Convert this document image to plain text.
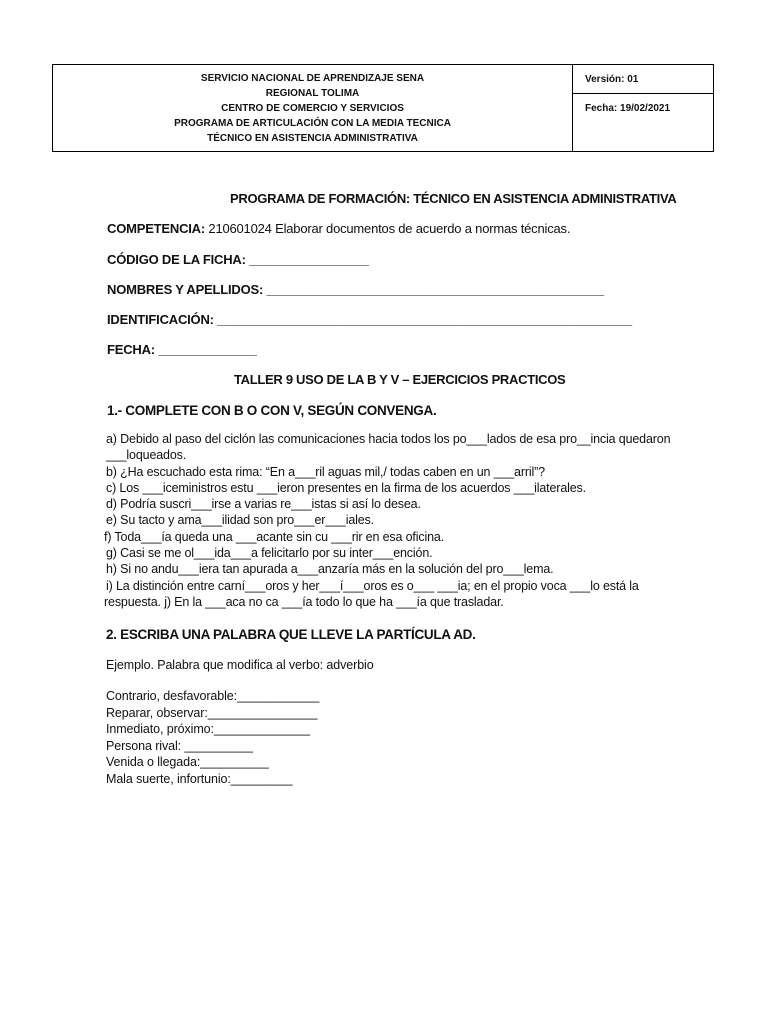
SERVICIO NACIONAL DE APRENDIZAJE SENA
REGIONAL TOLIMA
CENTRO DE COMERCIO Y SERVICIOS
PROGRAMA DE ARTICULACIÓN CON LA MEDIA TECNICA
TÉCNICO EN ASISTENCIA ADMINISTRATIVA
Versión: 01
Fecha: 19/02/2021
PROGRAMA DE FORMACIÓN: TÉCNICO EN ASISTENCIA ADMINISTRATIVA
COMPETENCIA: 210601024 Elaborar documentos de acuerdo a normas técnicas.
CÓDIGO DE LA FICHA: _________________
NOMBRES Y APELLIDOS: ________________________________________________
IDENTIFICACIÓN: ___________________________________________________________
FECHA: ______________
TALLER 9 USO DE LA B Y V – EJERCICIOS PRACTICOS
1.- COMPLETE CON B O CON V, SEGÚN CONVENGA.
a) Debido al paso del ciclón las comunicaciones hacia todos los po___lados de esa pro__incia quedaron
___loqueados.
b) ¿Ha escuchado esta rima: “En a___ril aguas mil,/ todas caben en un ___arril”?
c) Los ___iceministros estu ___ieron presentes en la firma de los acuerdos ___ilaterales.
d) Podría suscri___irse a varias re___istas si así lo desea.
e) Su tacto y ama___ilidad son pro___er___iales.
f) Toda___ía queda una ___acante sin cu ___rir en esa oficina.
g) Casi se me ol___ida___a felicitarlo por su inter___ención.
h) Si no andu___iera tan apurada a___anzaría más en la solución del pro___lema.
i) La distinción entre carní___oros y her___í___oros es o___ ___ia; en el propio voca ___lo está la
respuesta. j) En la ___aca no ca ___ía todo lo que ha ___ía que trasladar.
2. ESCRIBA UNA PALABRA QUE LLEVE LA PARTÍCULA AD.
Ejemplo. Palabra que modifica al verbo: adverbio
Contrario, desfavorable:____________
Reparar, observar:________________
Inmediato, próximo:______________
Persona rival: __________
Venida o llegada:__________
Mala suerte, infortunio:_________
